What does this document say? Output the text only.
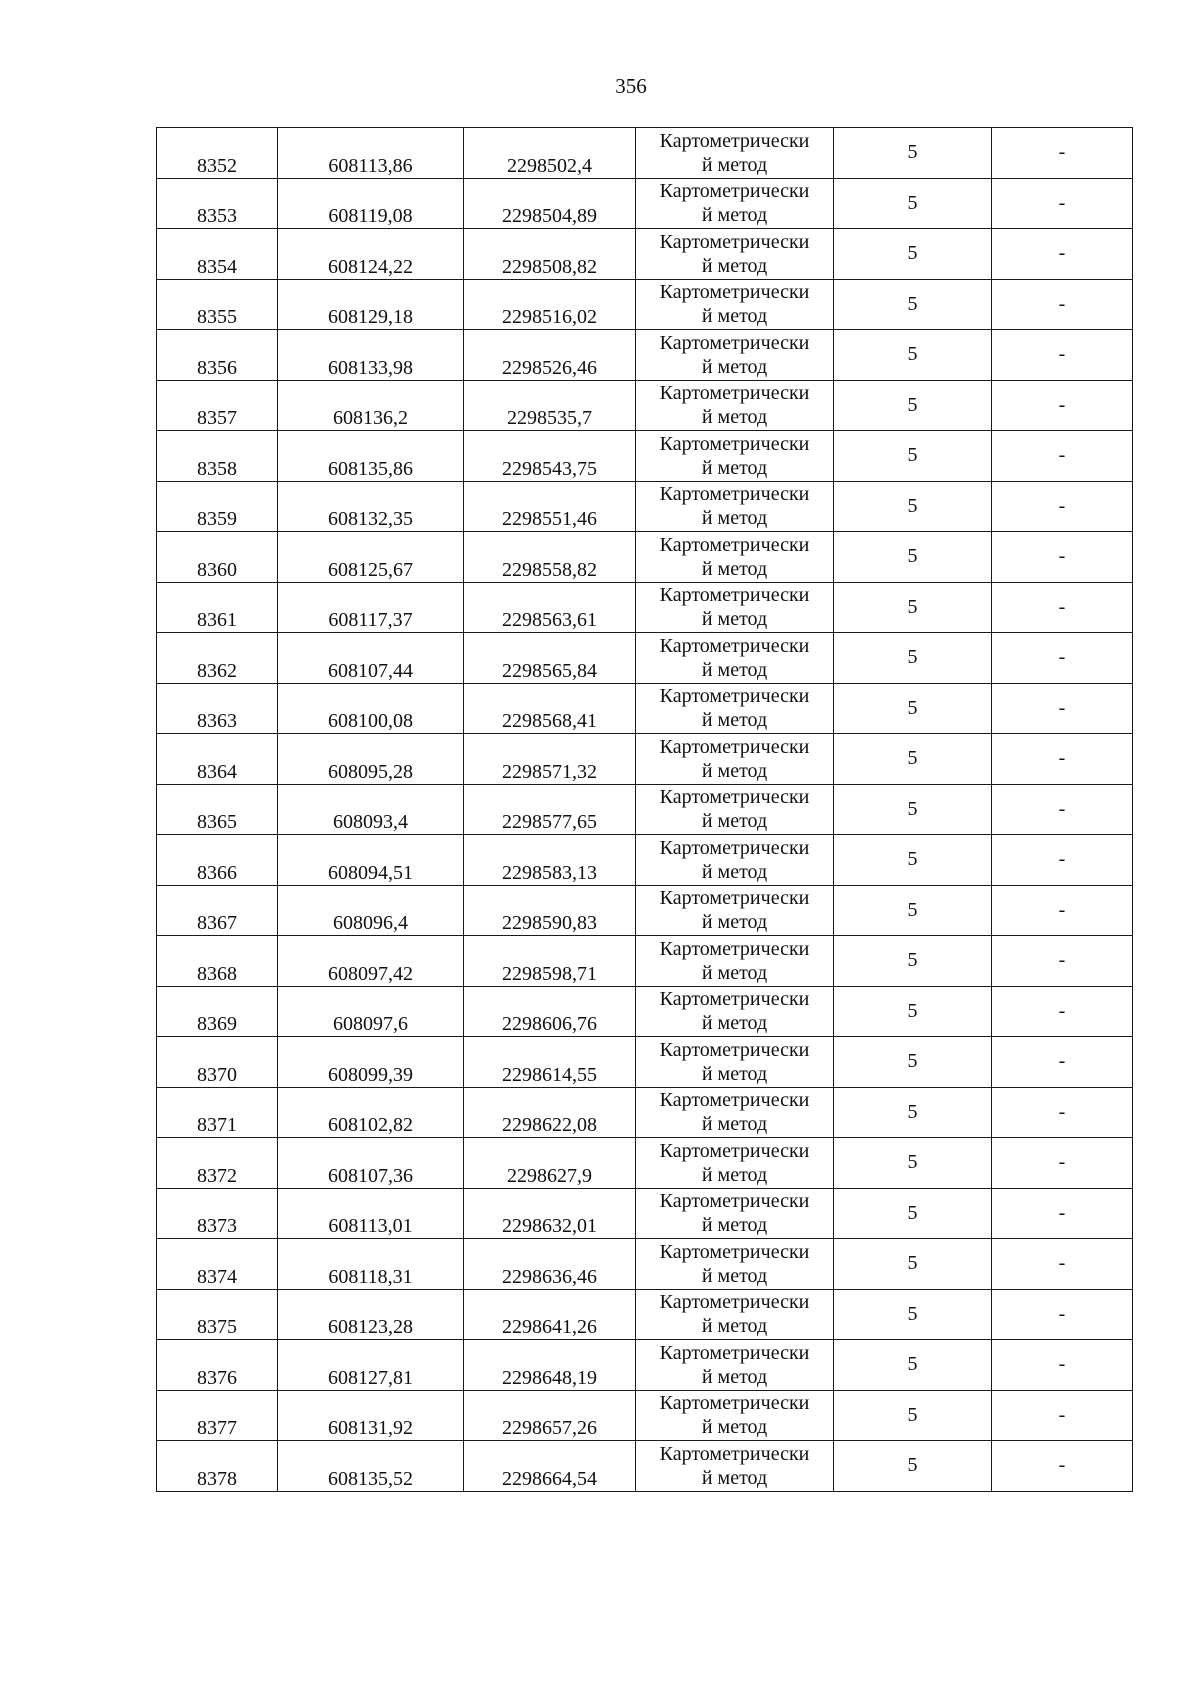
356
8352	608113,86	2298502,4	Картометрически
й метод	5	-
8353	608119,08	2298504,89	Картометрически
й метод	5	-
8354	608124,22	2298508,82	Картометрически
й метод	5	-
8355	608129,18	2298516,02	Картометрически
й метод	5	-
8356	608133,98	2298526,46	Картометрически
й метод	5	-
8357	608136,2	2298535,7	Картометрически
й метод	5	-
8358	608135,86	2298543,75	Картометрически
й метод	5	-
8359	608132,35	2298551,46	Картометрически
й метод	5	-
8360	608125,67	2298558,82	Картометрически
й метод	5	-
8361	608117,37	2298563,61	Картометрически
й метод	5	-
8362	608107,44	2298565,84	Картометрически
й метод	5	-
8363	608100,08	2298568,41	Картометрически
й метод	5	-
8364	608095,28	2298571,32	Картометрически
й метод	5	-
8365	608093,4	2298577,65	Картометрически
й метод	5	-
8366	608094,51	2298583,13	Картометрически
й метод	5	-
8367	608096,4	2298590,83	Картометрически
й метод	5	-
8368	608097,42	2298598,71	Картометрически
й метод	5	-
8369	608097,6	2298606,76	Картометрически
й метод	5	-
8370	608099,39	2298614,55	Картометрически
й метод	5	-
8371	608102,82	2298622,08	Картометрически
й метод	5	-
8372	608107,36	2298627,9	Картометрически
й метод	5	-
8373	608113,01	2298632,01	Картометрически
й метод	5	-
8374	608118,31	2298636,46	Картометрически
й метод	5	-
8375	608123,28	2298641,26	Картометрически
й метод	5	-
8376	608127,81	2298648,19	Картометрически
й метод	5	-
8377	608131,92	2298657,26	Картометрически
й метод	5	-
8378	608135,52	2298664,54	Картометрически
й метод	5	-
